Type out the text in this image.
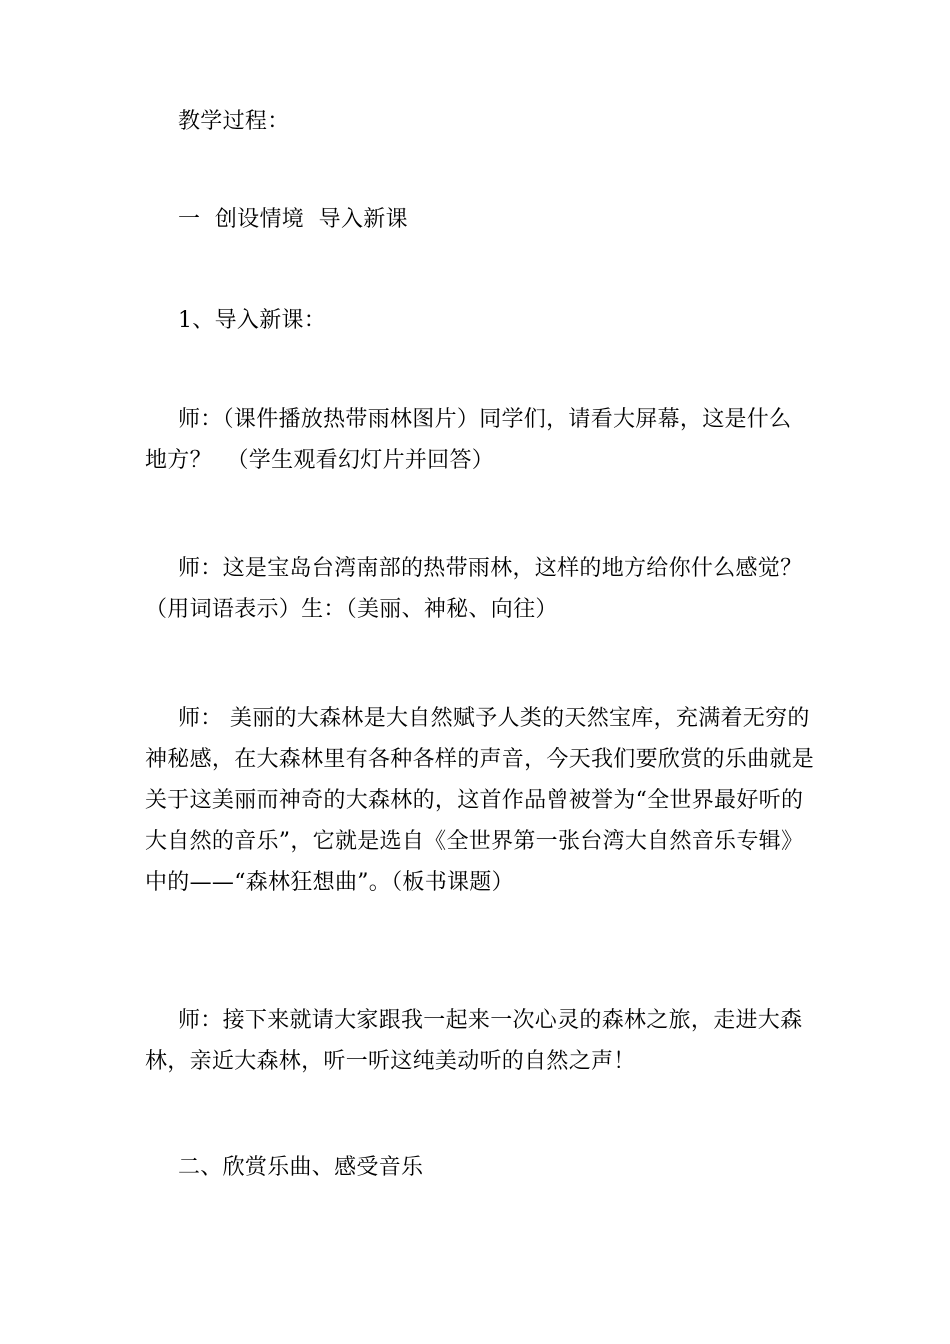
教学过程：

一  创设情境  导入新课

1、导入新课：

师：（课件播放热带雨林图片）同学们，请看大屏幕，这是什么
地方？  （学生观看幻灯片并回答）

师：这是宝岛台湾南部的热带雨林，这样的地方给你什么感觉？
（用词语表示）生：（美丽、神秘、向往）

师： 美丽的大森林是大自然赋予人类的天然宝库，充满着无穷的
神秘感，在大森林里有各种各样的声音，今天我们要欣赏的乐曲就是
关于这美丽而神奇的大森林的，这首作品曾被誉为“全世界最好听的
大自然的音乐”，它就是选自《全世界第一张台湾大自然音乐专辑》
中的——“森林狂想曲”。（板书课题）

师：接下来就请大家跟我一起来一次心灵的森林之旅，走进大森
林，亲近大森林，听一听这纯美动听的自然之声！

二、欣赏乐曲、感受音乐
